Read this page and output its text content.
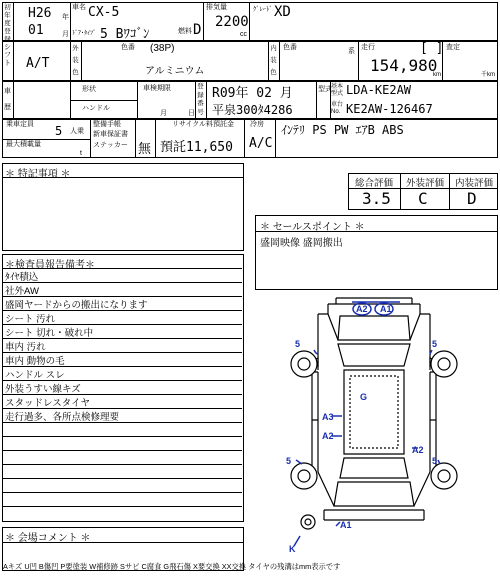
初年度登録
H26 年
01	月
車名 CX-5
ﾄﾞｱ･ﾀｲﾌﾟ 5 Bﾜｺﾞﾝ	燃料 D
排気量
2200
cc
ｸﾞﾚｰﾄﾞ XD
シフト A/T
外装色
色番 (38P)
アルミニウム
内装色
色番
系
走行	[ ]
154,980
km
査定
千km
車歴
形状
ハンドル
車検期限
月	日
登録番号
R09年 02 月
平泉300ﾀ4286
型式 基本型式 LDA-KE2AW
車台No. KE2AW-126467
乗車定員 5 人乗
最大積載量
t
整備手帳
新車保証書
ステッカー 無
リサイクル料預託金
預託11,650
冷房
A/C
ｲﾝﾃﾘ PS PW ｴｱB ABS
＊ 特記事項 ＊
総合評価 外装評価 内装評価
3.5 C D
＊ セールスポイント ＊
盛岡映像 盛岡搬出
＊検査員報告備考＊
ﾀｲﾔ積込
社外AW
盛岡ヤードからの搬出になります
シート 汚れ
シート 切れ・破れ中
車内 汚れ
車内 動物の毛
ハンドル スレ
外装うすい線キズ
スタッドレスタイヤ
走行過多、各所点検修理要
＊ 会場コメント ＊
Aキズ U凹 B傷凹 P要塗装 W補修跡 Sサビ C腐食 G飛石傷 X要交換 XX交換 タイヤの残溝はmm表示です
A2 A1
5	5
G
A3
A2
A2
5	5
A1
K
